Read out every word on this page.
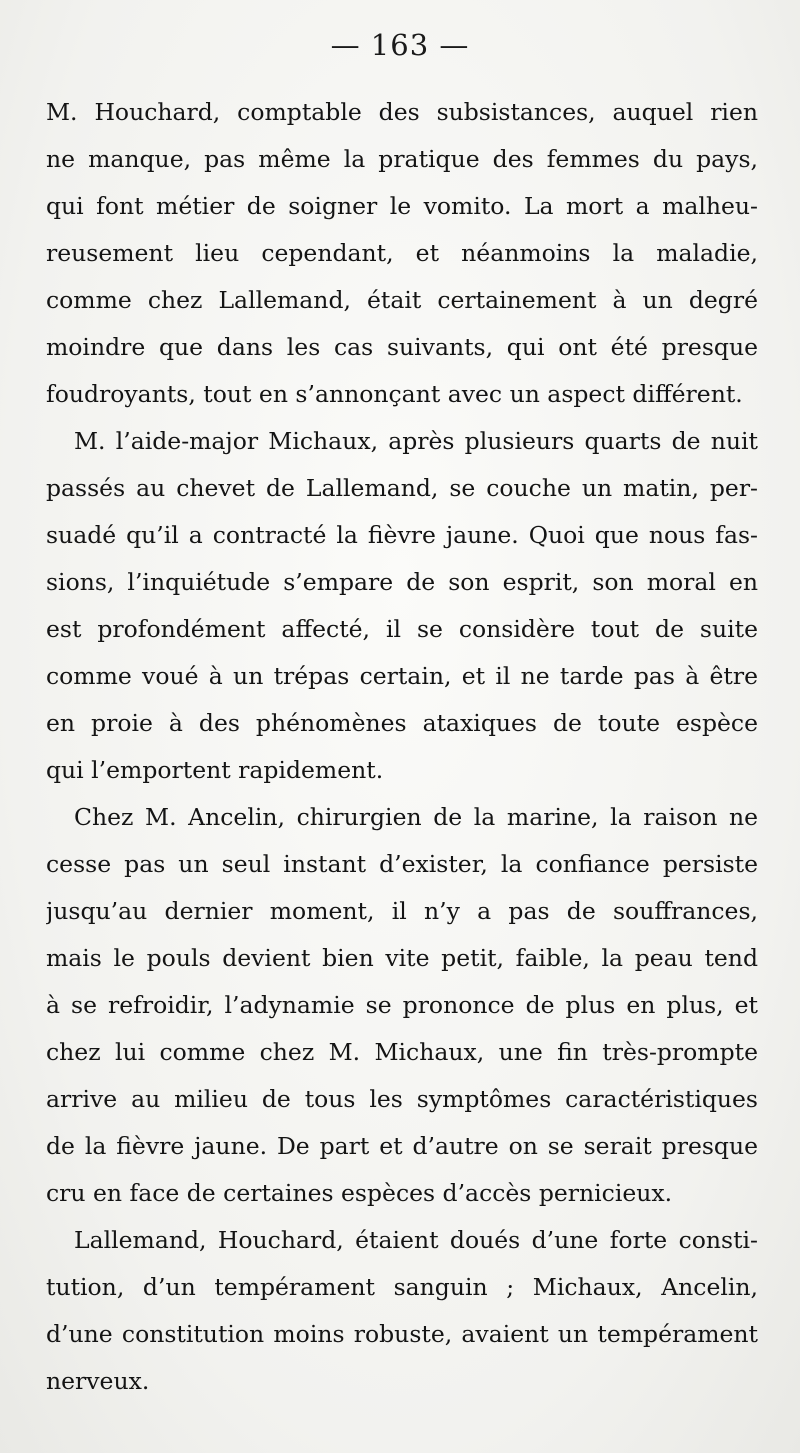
— 163 —
M. Houchard, comptable des subsistances, auquel rien
ne manque, pas même la pratique des femmes du pays,
qui font métier de soigner le vomito. La mort a malheu-
reusement lieu cependant, et néanmoins la maladie,
comme chez Lallemand, était certainement à un degré
moindre que dans les cas suivants, qui ont été presque
foudroyants, tout en s’annonçant avec un aspect différent.
M. l’aide-major Michaux, après plusieurs quarts de nuit
passés au chevet de Lallemand, se couche un matin, per-
suadé qu’il a contracté la fièvre jaune. Quoi que nous fas-
sions, l’inquiétude s’empare de son esprit, son moral en
est profondément affecté, il se considère tout de suite
comme voué à un trépas certain, et il ne tarde pas à être
en proie à des phénomènes ataxiques de toute espèce
qui l’emportent rapidement.
Chez M. Ancelin, chirurgien de la marine, la raison ne
cesse pas un seul instant d’exister, la confiance persiste
jusqu’au dernier moment, il n’y a pas de souffrances,
mais le pouls devient bien vite petit, faible, la peau tend
à se refroidir, l’adynamie se prononce de plus en plus, et
chez lui comme chez M. Michaux, une fin très-prompte
arrive au milieu de tous les symptômes caractéristiques
de la fièvre jaune. De part et d’autre on se serait presque
cru en face de certaines espèces d’accès pernicieux.
Lallemand, Houchard, étaient doués d’une forte consti-
tution, d’un tempérament sanguin ; Michaux, Ancelin,
d’une constitution moins robuste, avaient un tempérament
nerveux.
